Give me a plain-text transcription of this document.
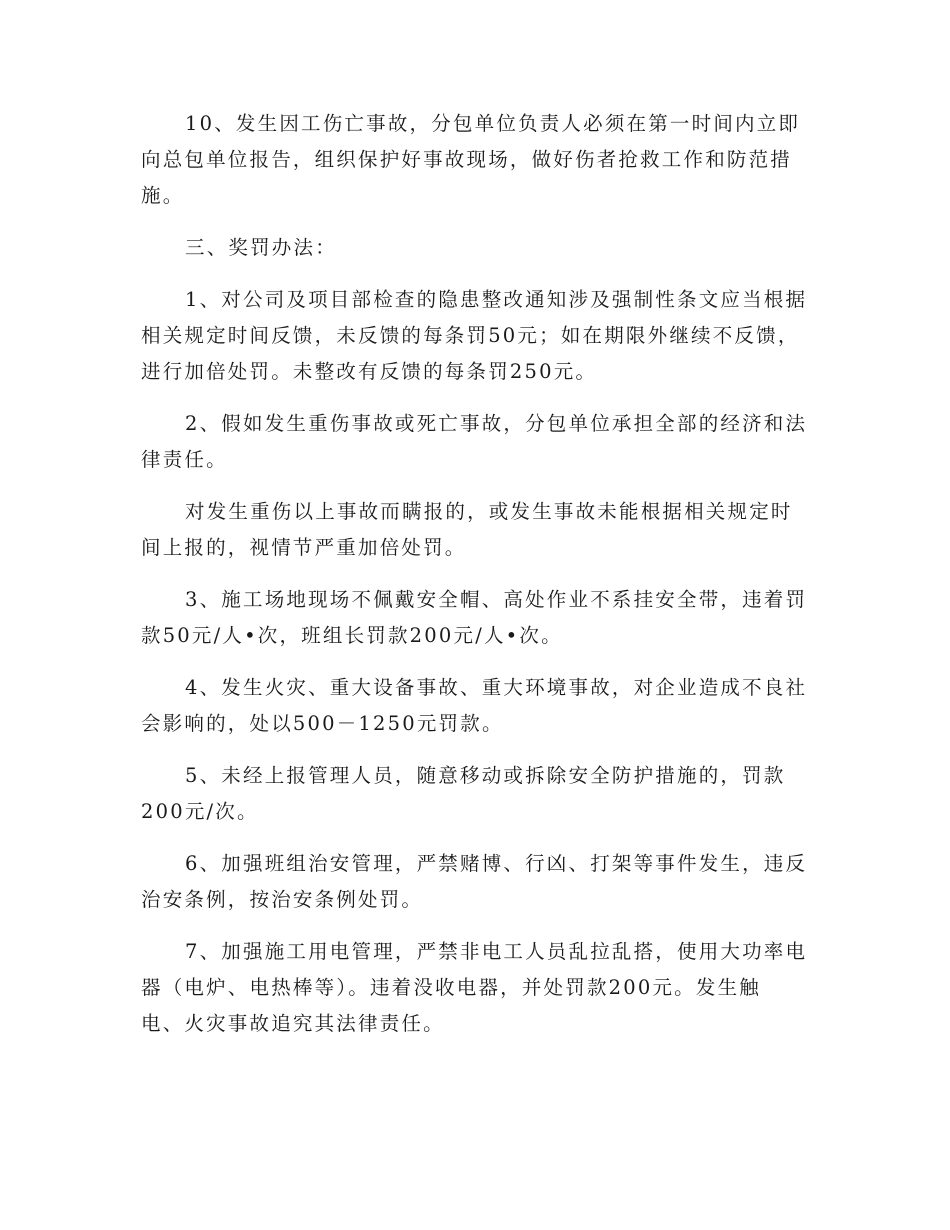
10、发生因工伤亡事故，分包单位负责人必须在第一时间内立即
向总包单位报告，组织保护好事故现场，做好伤者抢救工作和防范措
施。

三、奖罚办法：

1、对公司及项目部检查的隐患整改通知涉及强制性条文应当根据
相关规定时间反馈，未反馈的每条罚50元；如在期限外继续不反馈，
进行加倍处罚。未整改有反馈的每条罚250元。

2、假如发生重伤事故或死亡事故，分包单位承担全部的经济和法
律责任。

对发生重伤以上事故而瞒报的，或发生事故未能根据相关规定时
间上报的，视情节严重加倍处罚。

3、施工场地现场不佩戴安全帽、高处作业不系挂安全带，违着罚
款50元/人•次，班组长罚款200元/人•次。

4、发生火灾、重大设备事故、重大环境事故，对企业造成不良社
会影响的，处以500－1250元罚款。

5、未经上报管理人员，随意移动或拆除安全防护措施的，罚款
200元/次。

6、加强班组治安管理，严禁赌博、行凶、打架等事件发生，违反
治安条例，按治安条例处罚。

7、加强施工用电管理，严禁非电工人员乱拉乱搭，使用大功率电
器（电炉、电热棒等）。违着没收电器，并处罚款200元。发生触
电、火灾事故追究其法律责任。
